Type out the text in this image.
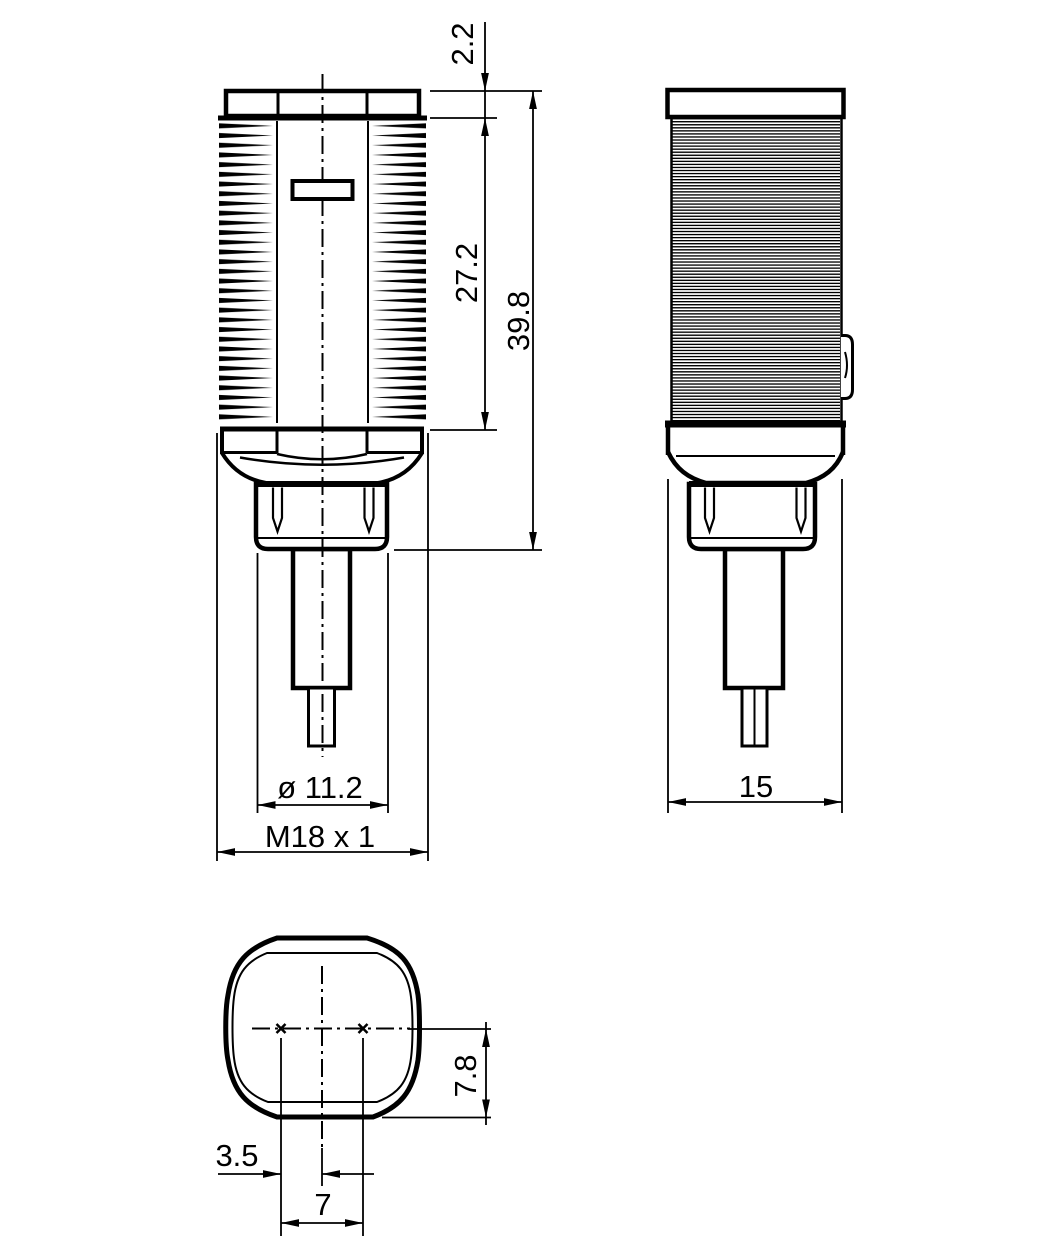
2.2
27.2
39.8
ø 11.2
M18 x 1
15
7.8
3.5
7
